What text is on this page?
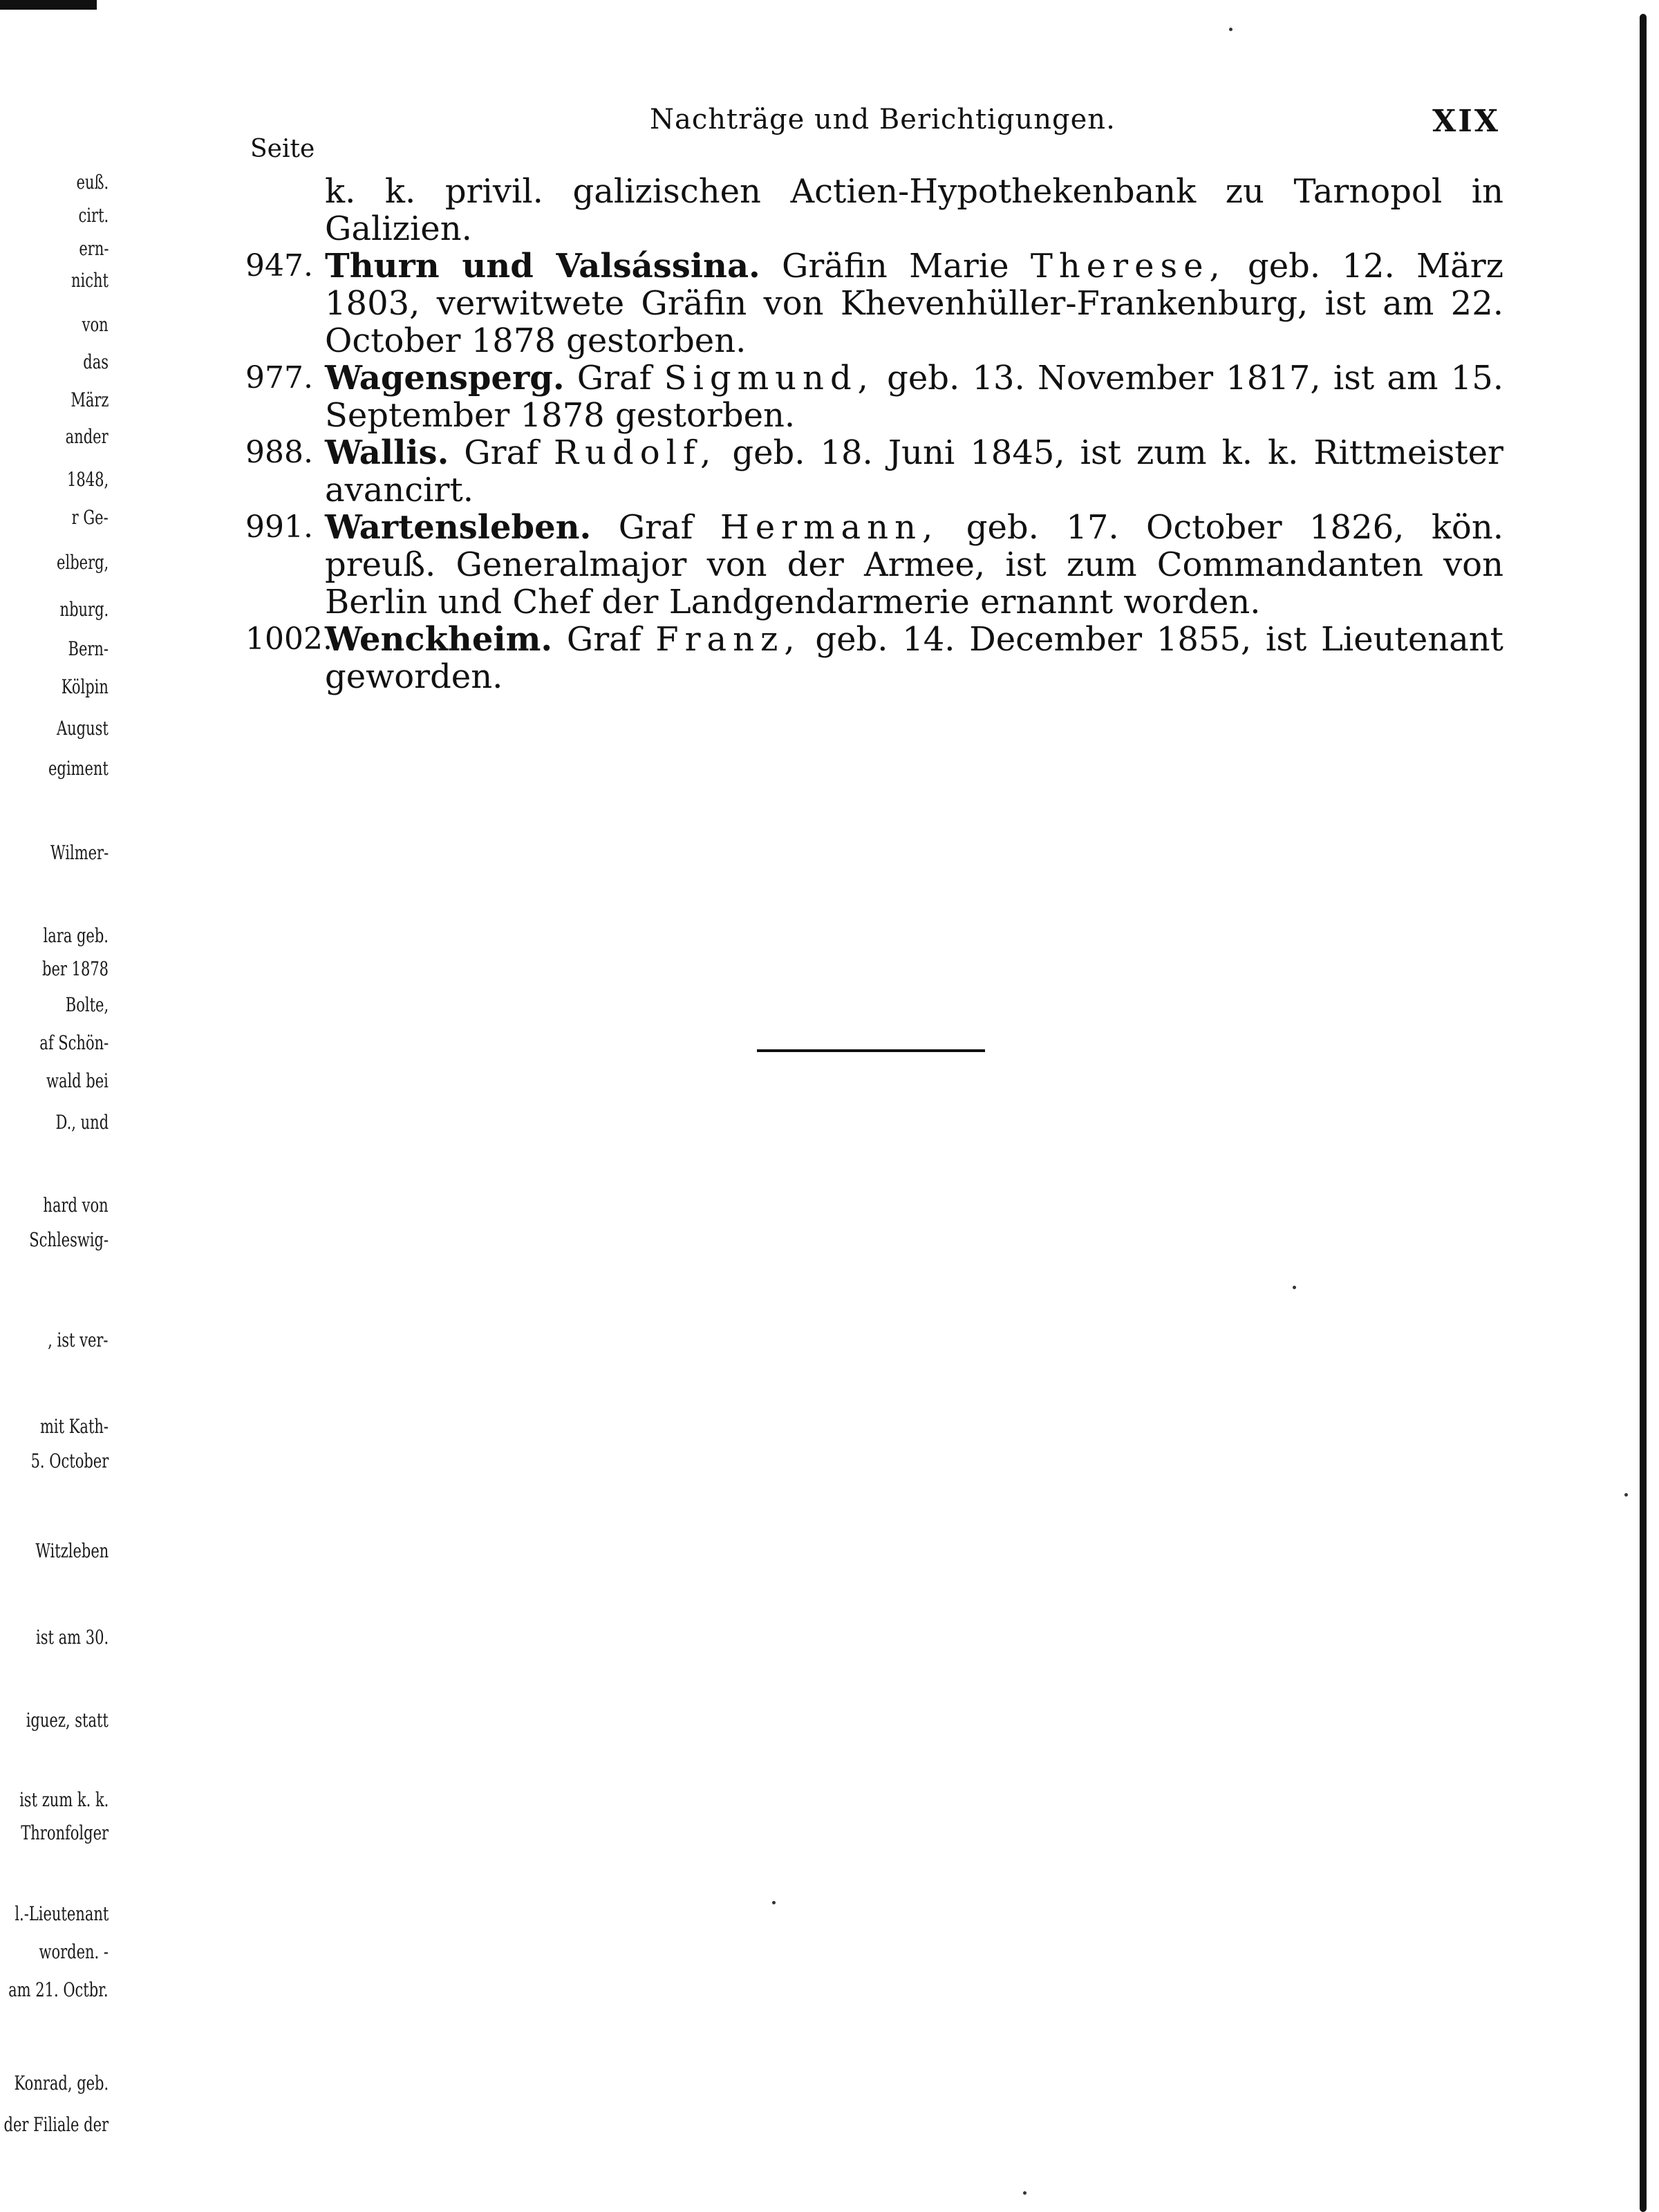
euß.
cirt.
ern-
nicht
von
das
März
ander
1848,
r Ge-
elberg,
nburg.
Bern-
Kölpin
August
egiment
Wilmer-
lara geb.
ber 1878
Bolte,
af Schön-
wald bei
D., und
hard von
Schleswig-
, ist ver-
mit Kath-
5. October
Witzleben
ist am 30.
iguez, statt
ist zum k. k.
Thronfolger
l.-Lieutenant
worden. -
am 21. Octbr.
Konrad, geb.
der Filiale der
Nachträge und Berichtigungen.	XIX
Seite
k. k. privil. galizischen Actien-Hypothekenbank zu Tarnopol in Galizien.
947. Thurn und Valsássina. Gräfin Marie Therese, geb. 12. März 1803, verwitwete Gräfin von Khevenhüller-Frankenburg, ist am 22. October 1878 gestorben.
977. Wagensperg. Graf Sigmund, geb. 13. November 1817, ist am 15. September 1878 gestorben.
988. Wallis. Graf Rudolf, geb. 18. Juni 1845, ist zum k. k. Rittmeister avancirt.
991. Wartensleben. Graf Hermann, geb. 17. October 1826, kön. preuß. Generalmajor von der Armee, ist zum Commandanten von Berlin und Chef der Landgendarmerie ernannt worden.
1002.
Wenckheim. Graf Franz, geb. 14. December 1855, ist Lieutenant geworden.
